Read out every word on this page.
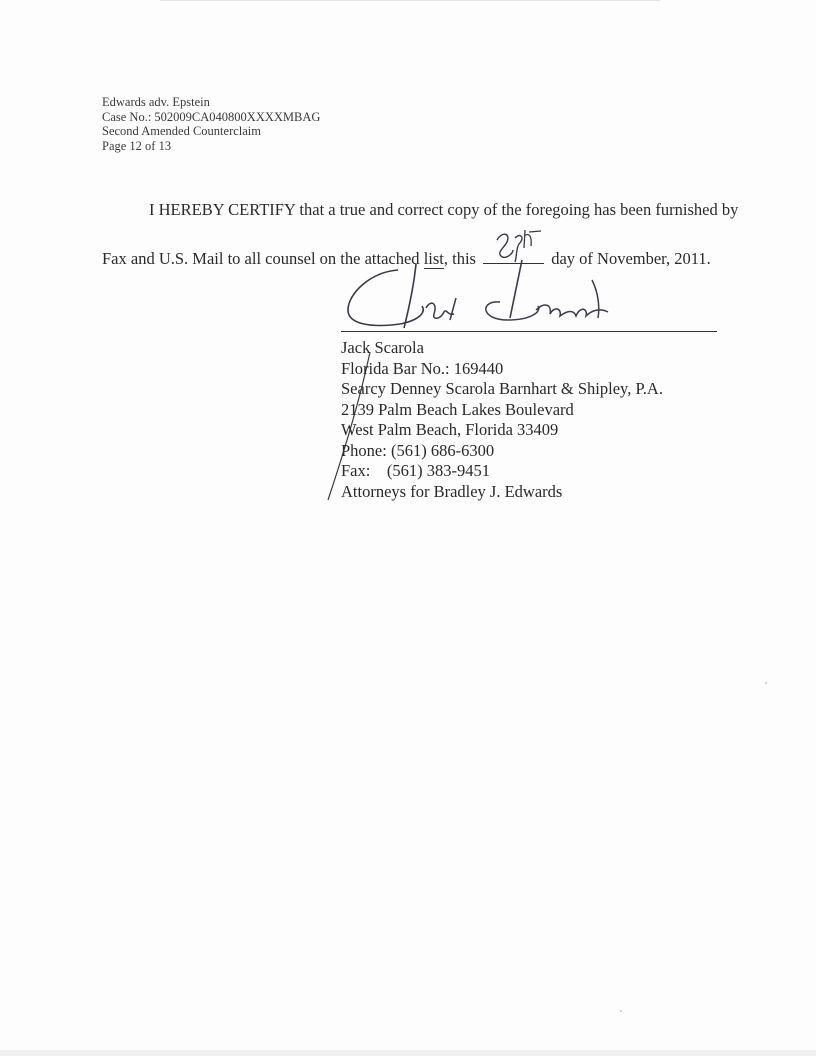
Edwards adv. Epstein
Case No.: 502009CA040800XXXXMBAG
Second Amended Counterclaim
Page 12 of 13
I HEREBY CERTIFY that a true and correct copy of the foregoing has been furnished by
Fax and U.S. Mail to all counsel on the attached list, this	day of November, 2011.
Jack Scarola
Florida Bar No.: 169440
Searcy Denney Scarola Barnhart & Shipley, P.A.
2139 Palm Beach Lakes Boulevard
West Palm Beach, Florida 33409
Phone: (561) 686-6300
Fax:    (561) 383-9451
Attorneys for Bradley J. Edwards
